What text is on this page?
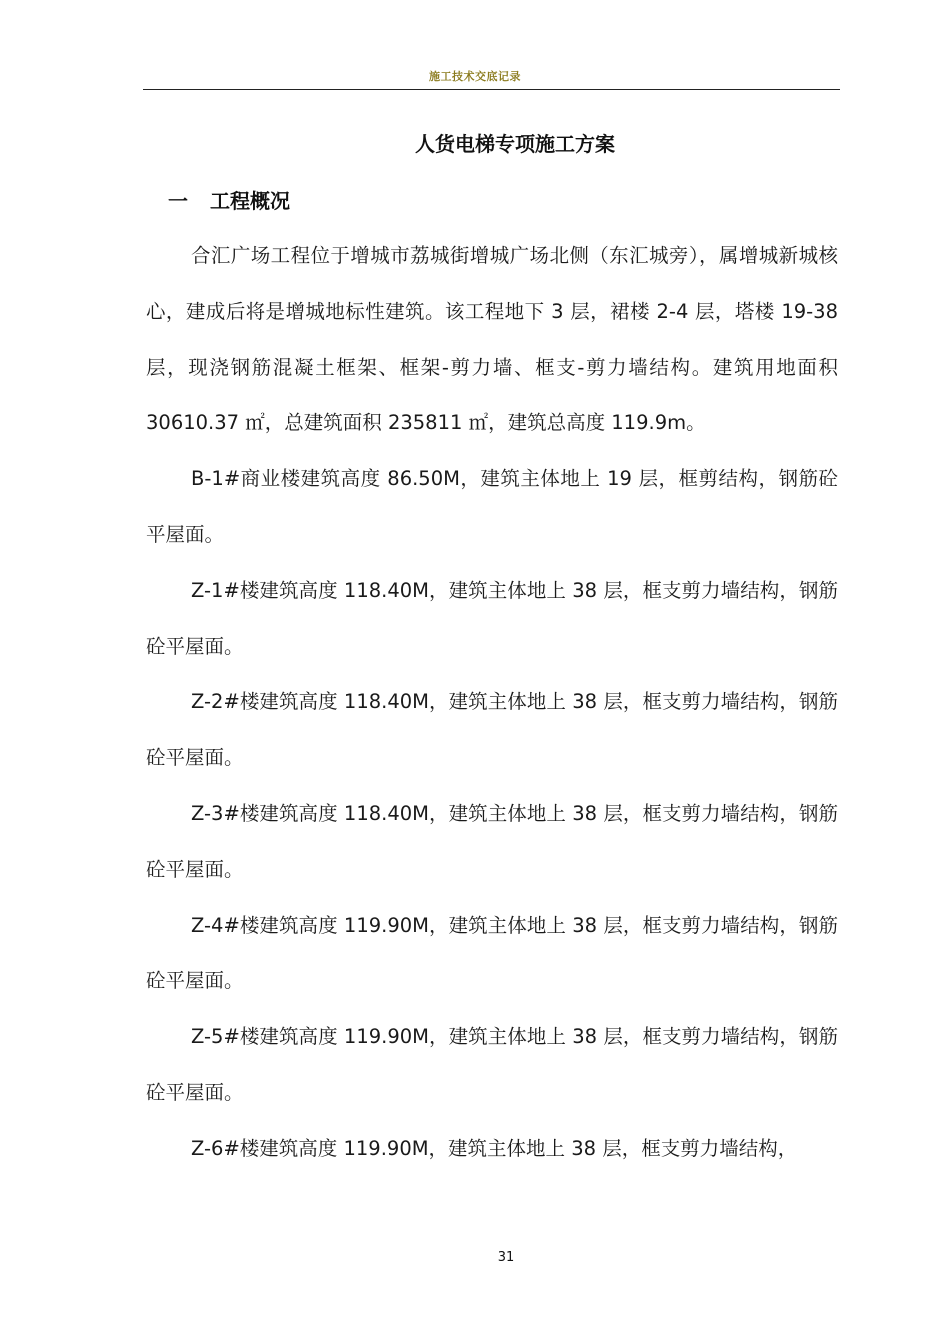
施工技术交底记录
人货电梯专项施工方案
一 工程概况

合汇广场工程位于增城市荔城街增城广场北侧（东汇城旁），属增城新城核心，建成后将是增城地标性建筑。该工程地下 3 层，裙楼 2-4 层，塔楼 19-38 层，现浇钢筋混凝土框架、框架-剪力墙、框支-剪力墙结构。建筑用地面积 30610.37 ㎡，总建筑面积 235811 ㎡，建筑总高度 119.9m。

B-1#商业楼建筑高度 86.50M，建筑主体地上 19 层，框剪结构，钢筋砼平屋面。

Z-1#楼建筑高度 118.40M，建筑主体地上 38 层，框支剪力墙结构，钢筋砼平屋面。

Z-2#楼建筑高度 118.40M，建筑主体地上 38 层，框支剪力墙结构，钢筋砼平屋面。

Z-3#楼建筑高度 118.40M，建筑主体地上 38 层，框支剪力墙结构，钢筋砼平屋面。

Z-4#楼建筑高度 119.90M，建筑主体地上 38 层，框支剪力墙结构，钢筋砼平屋面。

Z-5#楼建筑高度 119.90M，建筑主体地上 38 层，框支剪力墙结构，钢筋砼平屋面。

Z-6#楼建筑高度 119.90M，建筑主体地上 38 层，框支剪力墙结构，

31
